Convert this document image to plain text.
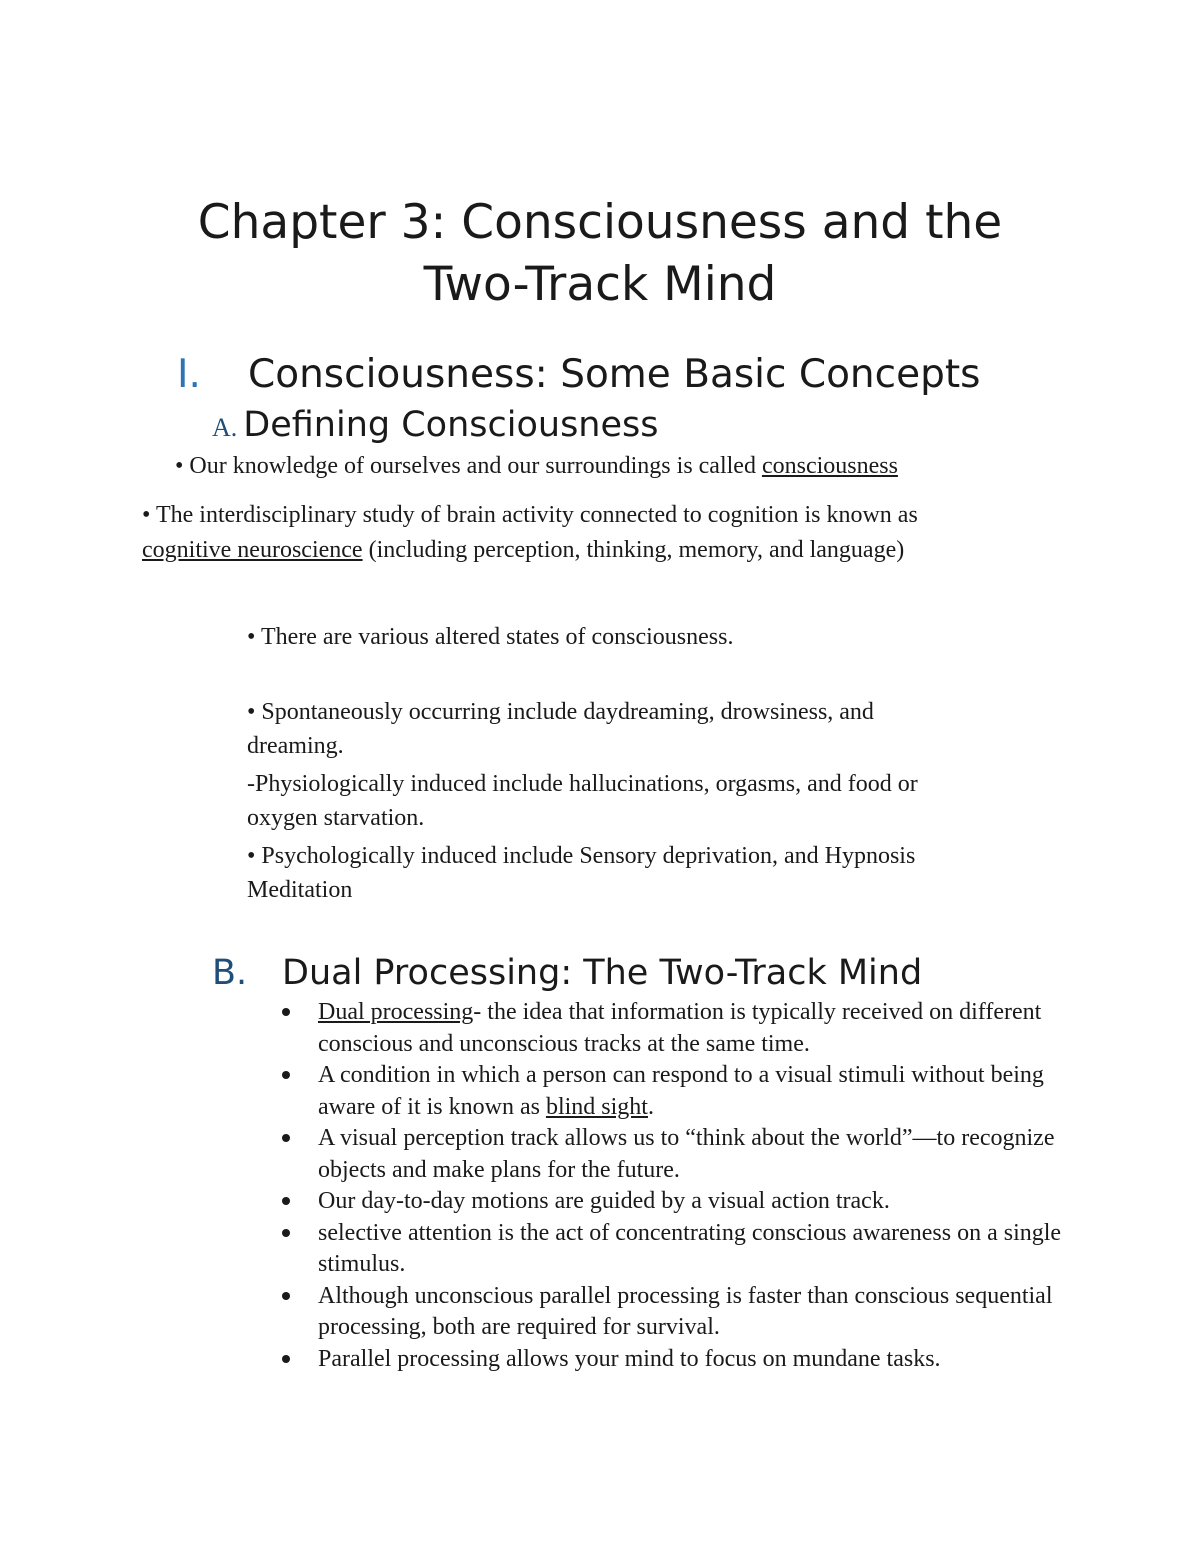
Chapter 3: Consciousness and the
Two-Track Mind
I. Consciousness: Some Basic Concepts
A. Defining Consciousness

• Our knowledge of ourselves and our surroundings is called consciousness

• The interdisciplinary study of brain activity connected to cognition is known as

cognitive neuroscience (including perception, thinking, memory, and language)

• There are various altered states of consciousness.

• Spontaneously occurring include daydreaming, drowsiness, and

dreaming.

-Physiologically induced include hallucinations, orgasms, and food or

oxygen starvation.

• Psychologically induced include Sensory deprivation, and Hypnosis

Meditation

B. Dual Processing: The Two-Track Mind
Dual processing- the idea that information is typically received on different conscious and unconscious tracks at the same time.
A condition in which a person can respond to a visual stimuli without being aware of it is known as blind sight.
A visual perception track allows us to “think about the world”—to recognize objects and make plans for the future.
Our day-to-day motions are guided by a visual action track.
selective attention is the act of concentrating conscious awareness on a single stimulus.
Although unconscious parallel processing is faster than conscious sequential processing, both are required for survival.
Parallel processing allows your mind to focus on mundane tasks.
